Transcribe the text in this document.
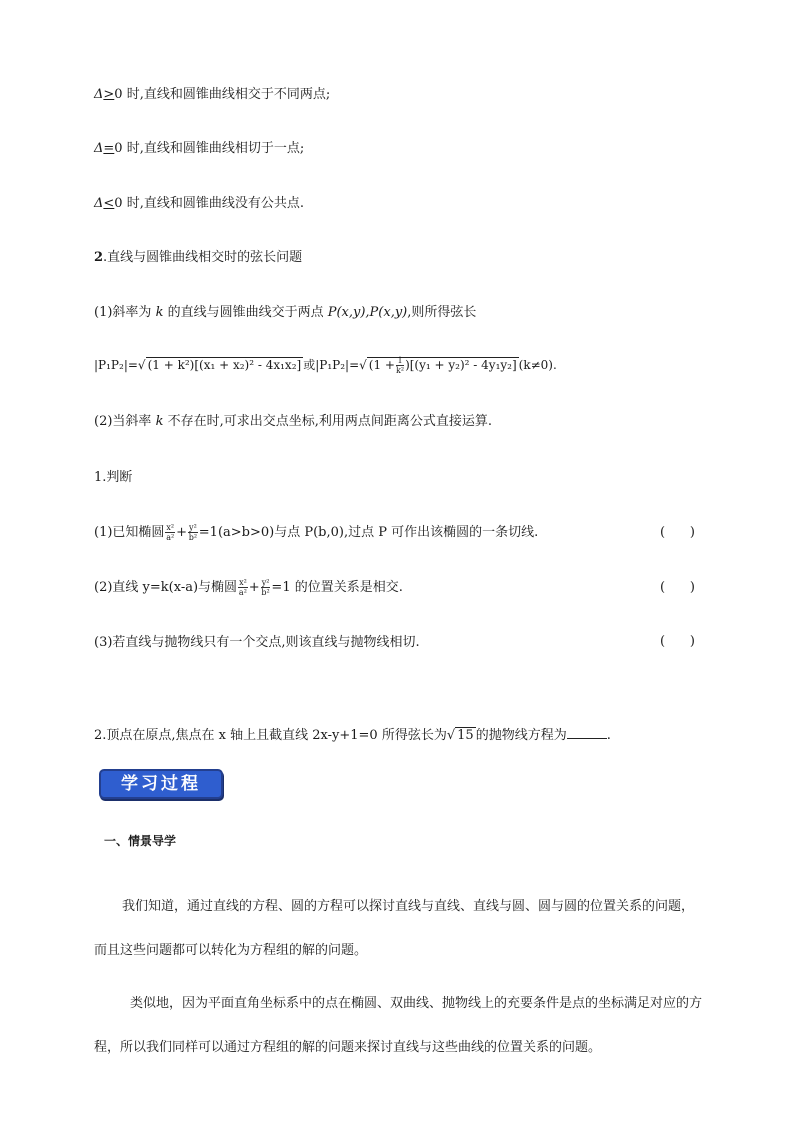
Δ>0 时,直线和圆锥曲线相交于不同两点;
Δ=0 时,直线和圆锥曲线相切于一点;
Δ<0 时,直线和圆锥曲线没有公共点.
2.直线与圆锥曲线相交时的弦长问题
(1)斜率为 k 的直线与圆锥曲线交于两点 P(x,y),P(x,y),则所得弦长
|P₁P₂|=√ (1 + k²)[(x₁ + x₂)² - 4x₁x₂] 或|P₁P₂|=√ $(1 + \frac{1}{\text{k²}} )[(y_1 + y_2)^2 - 4y_1y_2]$ (k≠0).
(2)当斜率 k 不存在时,可求出交点坐标,利用两点间距离公式直接运算.
1.判断
(1)已知椭圆 $\frac{\text{x²}}{\text{a²}} + \frac{\text{y²}}{\text{b²}} =1(a>b>0)$与点 P(b,0),过点 P 可作出该椭圆的一条切线.	(      )
(2)直线 y=k(x-a)与椭圆 $\frac{\text{x²}}{\text{a²}} + \frac{\text{y²}}{\text{b²}} =1$ 的位置关系是相交.	(      )
(3)若直线与抛物线只有一个交点,则该直线与抛物线相切.	(      )
2.顶点在原点,焦点在 x 轴上且截直线 2x-y+1=0 所得弦长为√ 15 的抛物线方程为	.
学习过程
一、情景导学
我们知道，通过直线的方程、圆的方程可以探讨直线与直线、直线与圆、圆与圆的位置关系的问题，而且这些问题都可以转化为方程组的解的问题。
类似地，因为平面直角坐标系中的点在椭圆、双曲线、抛物线上的充要条件是点的坐标满足对应的方程，所以我们同样可以通过方程组的解的问题来探讨直线与这些曲线的位置关系的问题。
